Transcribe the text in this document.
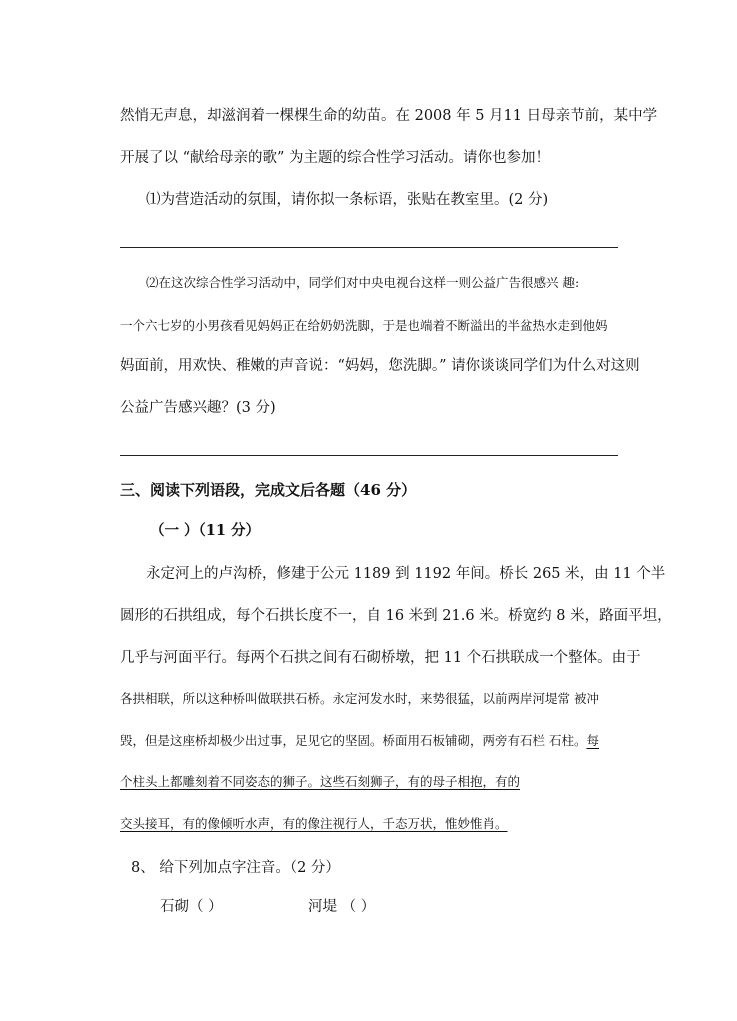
然悄无声息，却滋润着一棵棵生命的幼苗。在 2008 年 5 月11 日母亲节前，某中学
开展了以 “献给母亲的歌” 为主题的综合性学习活动。请你也参加！
⑴为营造活动的氛围，请你拟一条标语，张贴在教室里。(2 分)
⑵在这次综合性学习活动中，同学们对中央电视台这样一则公益广告很感兴 趣:
一个六七岁的小男孩看见妈妈正在给奶奶洗脚，于是也端着不断溢出的半盆热水走到他妈
妈面前，用欢快、稚嫩的声音说：“妈妈，您洗脚。” 请你谈谈同学们为什么对这则
公益广告感兴趣？(3 分)
三、阅读下列语段，完成文后各题（46 分）
（一 ）（11 分）
永定河上的卢沟桥，修建于公元 1189 到 1192 年间。桥长 265 米，由 11 个半
圆形的石拱组成，每个石拱长度不一，自 16 米到 21.6 米。桥宽约 8 米，路面平坦，
几乎与河面平行。每两个石拱之间有石砌桥墩，把 11 个石拱联成一个整体。由于
各拱相联，所以这种桥叫做联拱石桥。永定河发水时，来势很猛，以前两岸河堤常 被冲
毁，但是这座桥却极少出过事，足见它的坚固。桥面用石板铺砌，两旁有石栏 石柱。每
个柱头上都雕刻着不同姿态的狮子。这些石刻狮子，有的母子相抱，有的
交头接耳，有的像倾听水声，有的像注视行人，千态万状，惟妙惟肖。
8、 给下列加点字注音。（2 分）
石砌（ ）	河堤 （ ）
